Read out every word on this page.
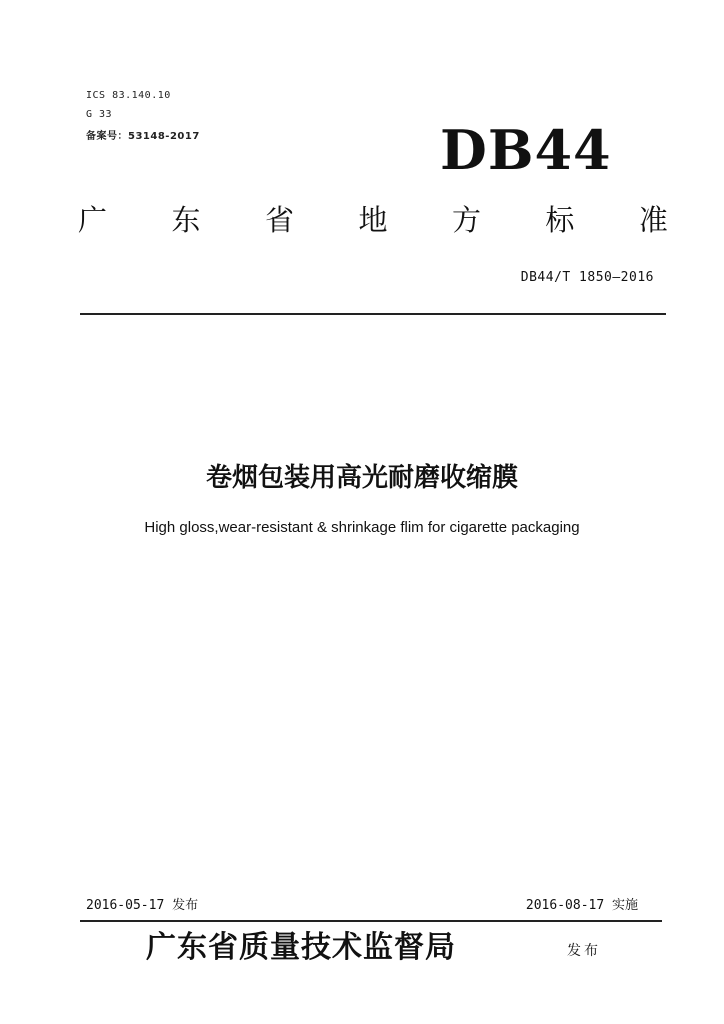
ICS 83.140.10
G 33
备案号：53148-2017	DB44
广 东 省 地 方 标 准
DB44/T 1850—2016
卷烟包装用高光耐磨收缩膜
High gloss,wear-resistant & shrinkage flim for cigarette packaging
2016-05-17 发布	2016-08-17 实施
广东省质量技术监督局	发布
